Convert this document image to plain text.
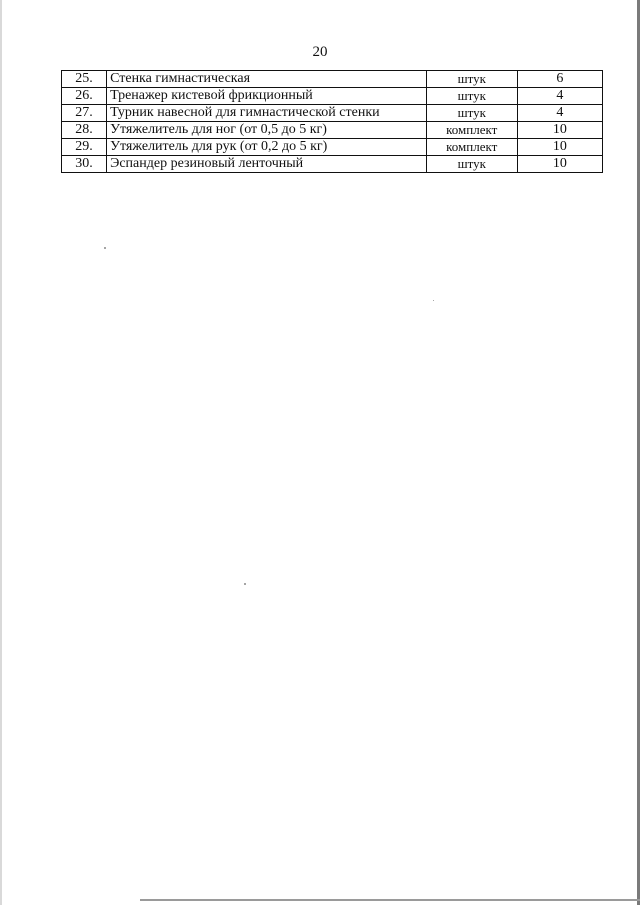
20
25.	Стенка гимнастическая	штук	6
26.	Тренажер кистевой фрикционный	штук	4
27.	Турник навесной для гимнастической стенки	штук	4
28.	Утяжелитель для ног (от 0,5 до 5 кг)	комплект	10
29.	Утяжелитель для рук (от 0,2 до 5 кг)	комплект	10
30.	Эспандер резиновый ленточный	штук	10
